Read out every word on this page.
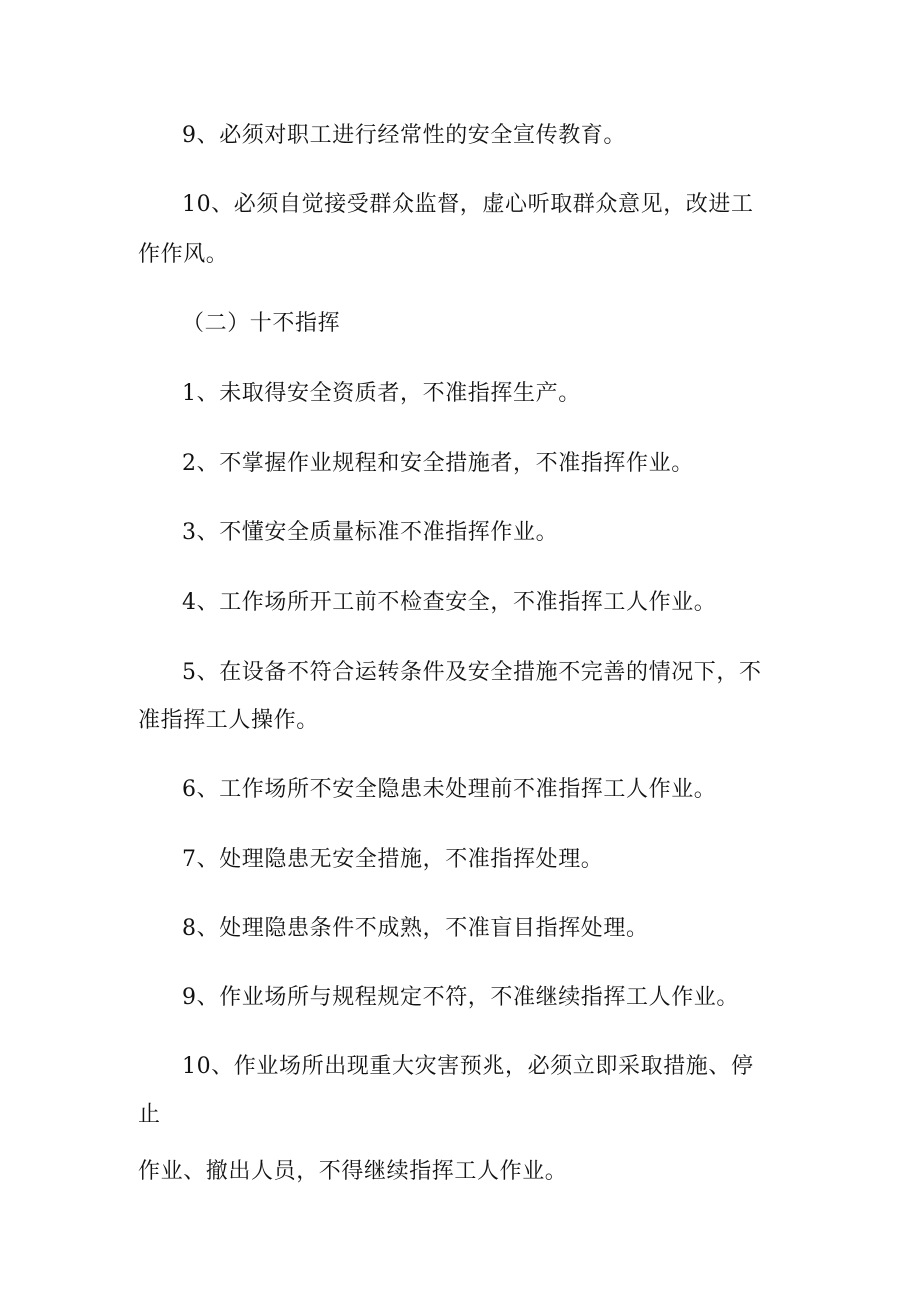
9、必须对职工进行经常性的安全宣传教育。
10、必须自觉接受群众监督，虚心听取群众意见，改进工
作作风。
（二）十不指挥
1、未取得安全资质者，不准指挥生产。
2、不掌握作业规程和安全措施者，不准指挥作业。
3、不懂安全质量标准不准指挥作业。
4、工作场所开工前不检查安全，不准指挥工人作业。
5、在设备不符合运转条件及安全措施不完善的情况下，不
准指挥工人操作。
6、工作场所不安全隐患未处理前不准指挥工人作业。
7、处理隐患无安全措施，不准指挥处理。
8、处理隐患条件不成熟，不准盲目指挥处理。
9、作业场所与规程规定不符，不准继续指挥工人作业。
10、作业场所出现重大灾害预兆，必须立即采取措施、停
止
作业、撤出人员，不得继续指挥工人作业。
